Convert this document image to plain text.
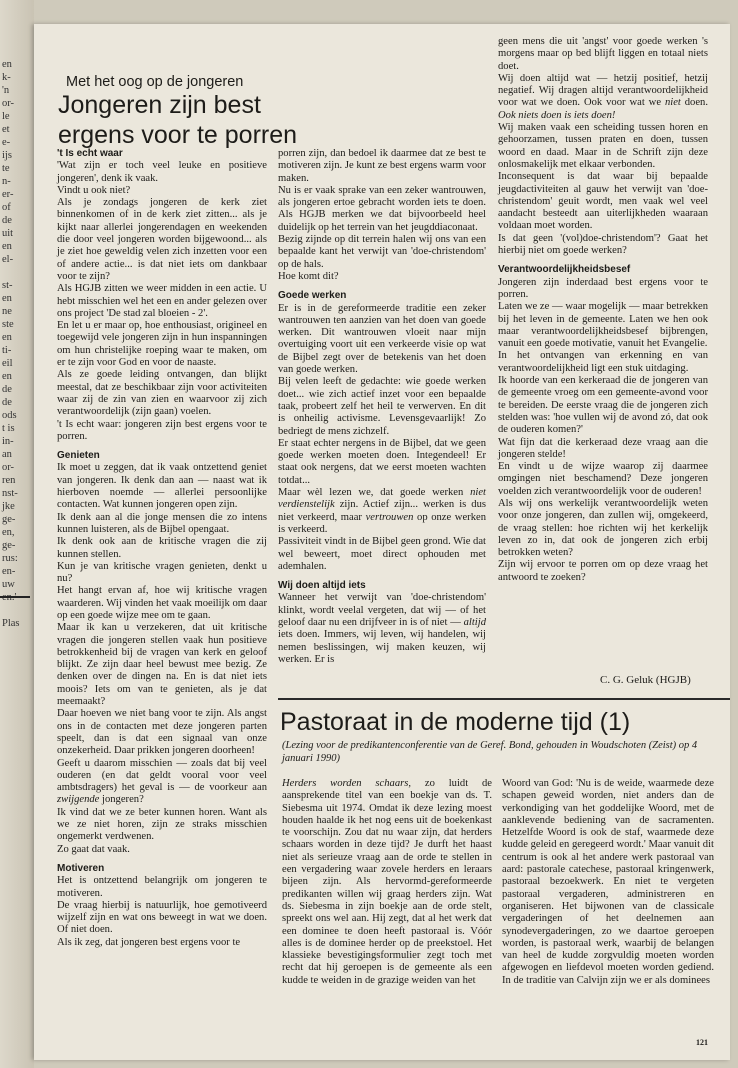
en
k-
'n
or-
le
et
e-
ijs
te
n-
er-
of
de
uit
en
el-

st-
en
ne
ste
en
ti-
eil
en
de
de
ods
t is
in-
an
or-
ren
nst-
jke
ge-
en,
ge-
rus:
en-
uw

Plas
Met het oog op de jongeren
Jongeren zijn best
ergens voor te porren

't Is echt waar

'Wat zijn er toch veel leuke en positieve jongeren', denk ik vaak.

Vindt u ook niet?

Als je zondags jongeren de kerk ziet binnenkomen of in de kerk ziet zitten... als je kijkt naar allerlei jongerendagen en weekenden die door veel jongeren worden bijgewoond... als je ziet hoe geweldig velen zich inzetten voor een of andere actie... is dat niet iets om dankbaar voor te zijn?

Als HGJB zitten we weer midden in een actie. U hebt misschien wel het een en ander gelezen over ons project 'De stad zal bloeien - 2'.

En let u er maar op, hoe enthousiast, origineel en toegewijd vele jongeren zijn in hun inspanningen om hun christelijke roeping waar te maken, om er te zijn voor God en voor de naaste.

Als ze goede leiding ontvangen, dan blijkt meestal, dat ze beschikbaar zijn voor activiteiten waar zij de zin van zien en waarvoor zij zich verantwoordelijk (zijn gaan) voelen.

't Is echt waar: jongeren zijn best ergens voor te porren.

Genieten

Ik moet u zeggen, dat ik vaak ontzettend geniet van jongeren. Ik denk dan aan — naast wat ik hierboven noemde — allerlei persoonlijke contacten. Wat kunnen jongeren open zijn.

Ik denk aan al die jonge mensen die zo intens kunnen luisteren, als de Bijbel opengaat.

Ik denk ook aan de kritische vragen die zij kunnen stellen.

Kun je van kritische vragen genieten, denkt u nu?

Het hangt ervan af, hoe wij kritische vragen waarderen. Wij vinden het vaak moeilijk om daar op een goede wijze mee om te gaan.

Maar ik kan u verzekeren, dat uit kritische vragen die jongeren stellen vaak hun positieve betrokkenheid bij de vragen van kerk en geloof blijkt. Ze zijn daar heel bewust mee bezig. Ze denken over de dingen na. En is dat niet iets moois? Iets om van te genieten, als je dat meemaakt?

Daar hoeven we niet bang voor te zijn. Als angst ons in de contacten met deze jongeren parten speelt, dan is dat een signaal van onze onzekerheid. Daar prikken jongeren doorheen!

Geeft u daarom misschien — zoals dat bij veel ouderen (en dat geldt vooral voor veel ambtsdragers) het geval is — de voorkeur aan zwijgende jongeren?

Ik vind dat we ze beter kunnen horen. Want als we ze niet horen, zijn ze straks misschien ongemerkt verdwenen.

Zo gaat dat vaak.

Motiveren

Het is ontzettend belangrijk om jongeren te motiveren.

De vraag hierbij is natuurlijk, hoe gemotiveerd wijzelf zijn en wat ons beweegt in wat we doen. Of niet doen.

Als ik zeg, dat jongeren best ergens voor te

porren zijn, dan bedoel ik daarmee dat ze best te motiveren zijn. Je kunt ze best ergens warm voor maken.

Nu is er vaak sprake van een zeker wantrouwen, als jongeren ertoe gebracht worden iets te doen. Als HGJB merken we dat bijvoorbeeld heel duidelijk op het terrein van het jeugddiaconaat.

Bezig zijnde op dit terrein halen wij ons van een bepaalde kant het verwijt van 'doe-christendom' op de hals.

Hoe komt dit?

Goede werken

Er is in de gereformeerde traditie een zeker wantrouwen ten aanzien van het doen van goede werken. Dit wantrouwen vloeit naar mijn overtuiging voort uit een verkeerde visie op wat de Bijbel zegt over de betekenis van het doen van goede werken.

Bij velen leeft de gedachte: wie goede werken doet... wie zich actief inzet voor een bepaalde taak, probeert zelf het heil te verwerven. En dit is onheilig activisme. Levensgevaarlijk! Zo bedriegt de mens zichzelf.

Er staat echter nergens in de Bijbel, dat we geen goede werken moeten doen. Integendeel! Er staat ook nergens, dat we eerst moeten wachten totdat...

Maar wèl lezen we, dat goede werken niet verdienstelijk zijn. Actief zijn... werken is dus niet verkeerd, maar vertrouwen op onze werken is verkeerd.

Passiviteit vindt in de Bijbel geen grond. Wie dat wel beweert, moet direct ophouden met ademhalen.

Wij doen altijd iets

Wanneer het verwijt van 'doe-christendom' klinkt, wordt veelal vergeten, dat wij — of het geloof daar nu een drijfveer in is of niet — altijd iets doen. Immers, wij leven, wij handelen, wij nemen beslissingen, wij maken keuzen, wij werken. Er is

geen mens die uit 'angst' voor goede werken 's morgens maar op bed blijft liggen en totaal niets doet.

Wij doen altijd wat — hetzij positief, hetzij negatief. Wij dragen altijd verantwoordelijkheid voor wat we doen. Ook voor wat we niet doen. Ook niets doen is iets doen!

Wij maken vaak een scheiding tussen horen en gehoorzamen, tussen praten en doen, tussen woord en daad. Maar in de Schrift zijn deze onlosmakelijk met elkaar verbonden.

Inconsequent is dat waar bij bepaalde jeugdactiviteiten al gauw het verwijt van 'doe-christendom' geuit wordt, men vaak wel veel aandacht besteedt aan uiterlijkheden waaraan voldaan moet worden.

Is dat geen '(vol)doe-christendom'? Gaat het hierbij niet om goede werken?

Verantwoordelijkheidsbesef

Jongeren zijn inderdaad best ergens voor te porren.

Laten we ze — waar mogelijk — maar betrekken bij het leven in de gemeente. Laten we hen ook maar verantwoordelijkheidsbesef bijbrengen, vanuit een goede motivatie, vanuit het Evangelie.

In het ontvangen van erkenning en van verantwoordelijkheid ligt een stuk uitdaging.

Ik hoorde van een kerkeraad die de jongeren van de gemeente vroeg om een gemeente-avond voor te bereiden. De eerste vraag die de jongeren zich stelden was: 'hoe vullen wij de avond zó, dat ook de ouderen komen?'

Wat fijn dat die kerkeraad deze vraag aan die jongeren stelde!

En vindt u de wijze waarop zij daarmee omgingen niet beschamend? Deze jongeren voelden zich verantwoordelijk voor de ouderen!

Als wij ons werkelijk verantwoordelijk weten voor onze jongeren, dan zullen wij, omgekeerd, de vraag stellen: hoe richten wij het kerkelijk leven zo in, dat ook de jongeren zich erbij betrokken weten?

Zijn wij ervoor te porren om op deze vraag het antwoord te zoeken?

C. G. Geluk (HGJB)
Pastoraat in de moderne tijd (1)
(Lezing voor de predikantenconferentie van de Geref. Bond, gehouden in Woudschoten (Zeist) op 4 januari 1990)

Herders worden schaars, zo luidt de aansprekende titel van een boekje van ds. T. Siebesma uit 1974. Omdat ik deze lezing moest houden haalde ik het nog eens uit de boekenkast te voorschijn. Zou dat nu waar zijn, dat herders schaars worden in deze tijd? Je durft het haast niet als serieuze vraag aan de orde te stellen in een vergadering waar zovele herders en leraars bijeen zijn. Als hervormd-gereformeerde predikanten willen wij graag herders zijn. Wat ds. Siebesma in zijn boekje aan de orde stelt, spreekt ons wel aan. Hij zegt, dat al het werk dat een dominee te doen heeft pastoraal is. Vóór alles is de dominee herder op de preekstoel. Het klassieke bevestigingsformulier zegt toch met recht dat hij geroepen is de gemeente als een kudde te weiden in de grazige weiden van het

Woord van God: 'Nu is de weide, waarmede deze schapen geweid worden, niet anders dan de verkondiging van het goddelijke Woord, met de aanklevende bediening van de sacramenten. Hetzelfde Woord is ook de staf, waarmede deze kudde geleid en geregeerd wordt.' Maar vanuit dit centrum is ook al het andere werk pastoraal van aard: pastorale catechese, pastoraal kringenwerk, pastoraal bezoekwerk. En niet te vergeten pastoraal vergaderen, administreren en organiseren. Het bijwonen van de classicale vergaderingen of het deelnemen aan synodevergaderingen, zo we daartoe geroepen worden, is pastoraal werk, waarbij de belangen van heel de kudde zorgvuldig moeten worden afgewogen en liefdevol moeten worden gediend. In de traditie van Calvijn zijn we er als dominees

121
